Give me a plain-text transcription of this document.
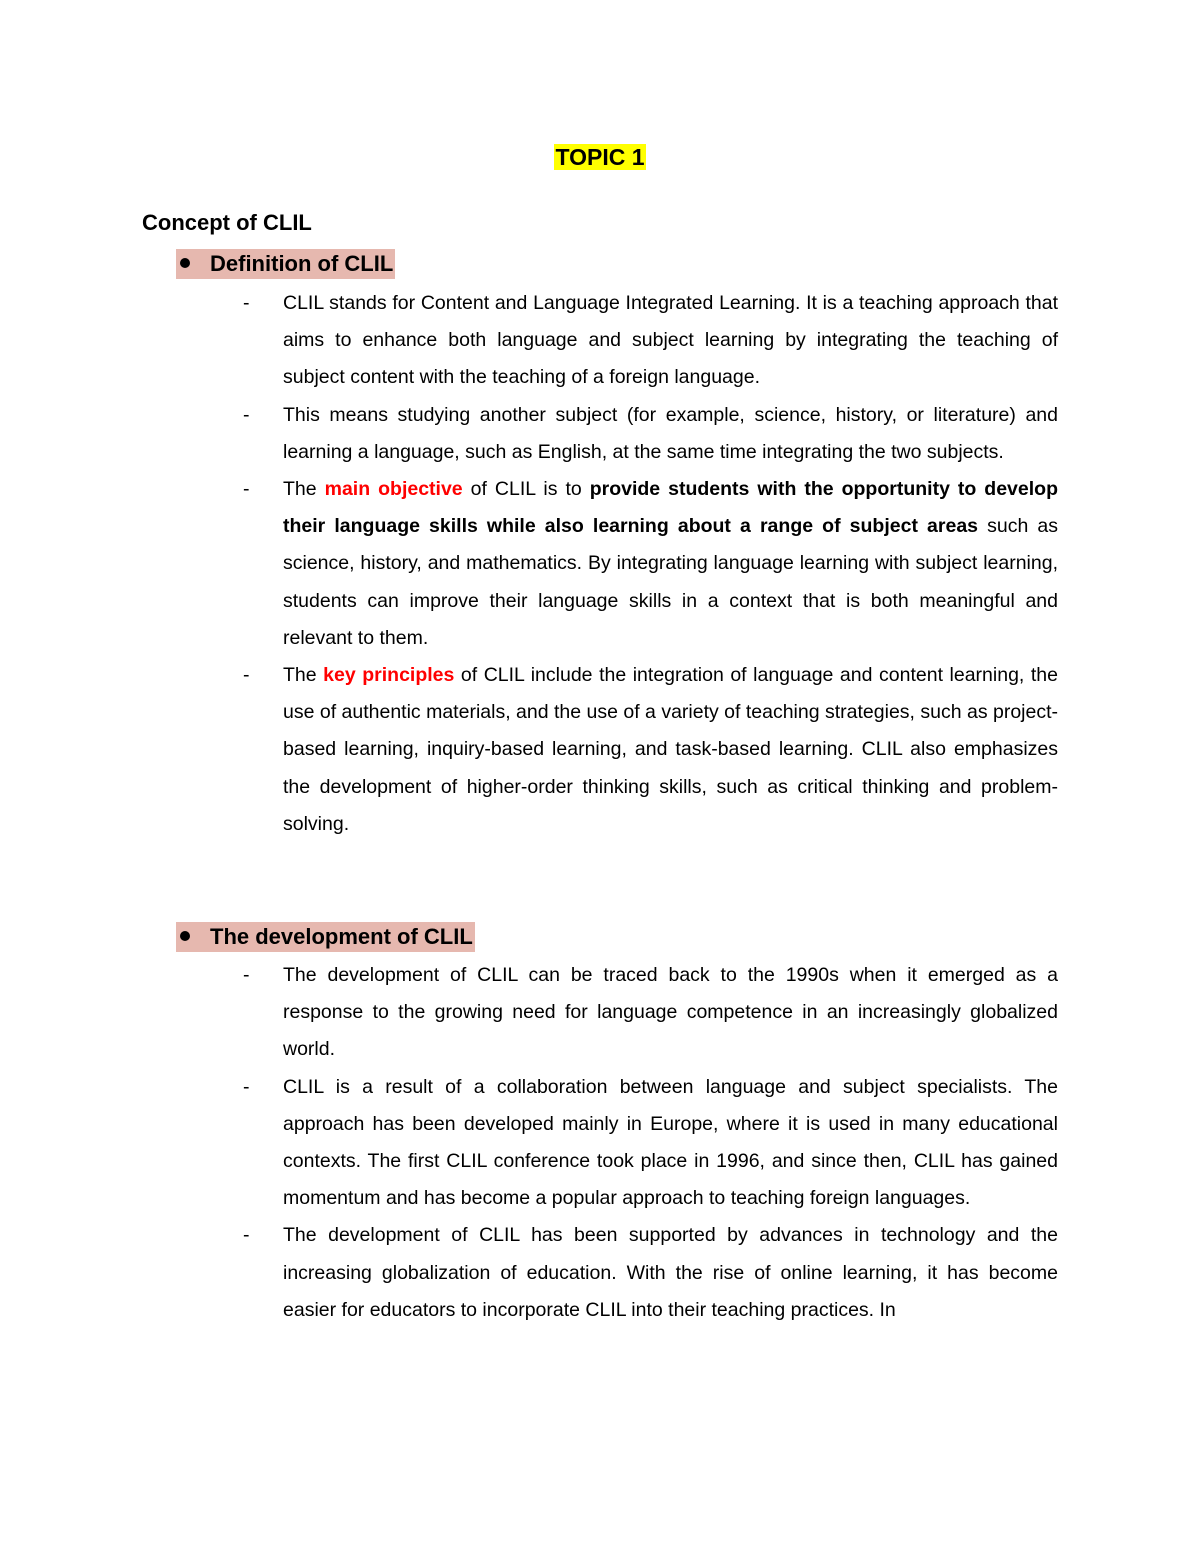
TOPIC 1
Concept of CLIL
Definition of CLIL
- CLIL stands for Content and Language Integrated Learning. It is a teaching approach that aims to enhance both language and subject learning by integrating the teaching of subject content with the teaching of a foreign language.
- This means studying another subject (for example, science, history, or literature) and learning a language, such as English, at the same time integrating the two subjects.
- The main objective of CLIL is to provide students with the opportunity to develop their language skills while also learning about a range of subject areas such as science, history, and mathematics. By integrating language learning with subject learning, students can improve their language skills in a context that is both meaningful and relevant to them.
- The key principles of CLIL include the integration of language and content learning, the use of authentic materials, and the use of a variety of teaching strategies, such as project-based learning, inquiry-based learning, and task-based learning. CLIL also emphasizes the development of higher-order thinking skills, such as critical thinking and problem-solving.
The development of CLIL
- The development of CLIL can be traced back to the 1990s when it emerged as a response to the growing need for language competence in an increasingly globalized world.
- CLIL is a result of a collaboration between language and subject specialists. The approach has been developed mainly in Europe, where it is used in many educational contexts. The first CLIL conference took place in 1996, and since then, CLIL has gained momentum and has become a popular approach to teaching foreign languages.
- The development of CLIL has been supported by advances in technology and the increasing globalization of education. With the rise of online learning, it has become easier for educators to incorporate CLIL into their teaching practices. In
